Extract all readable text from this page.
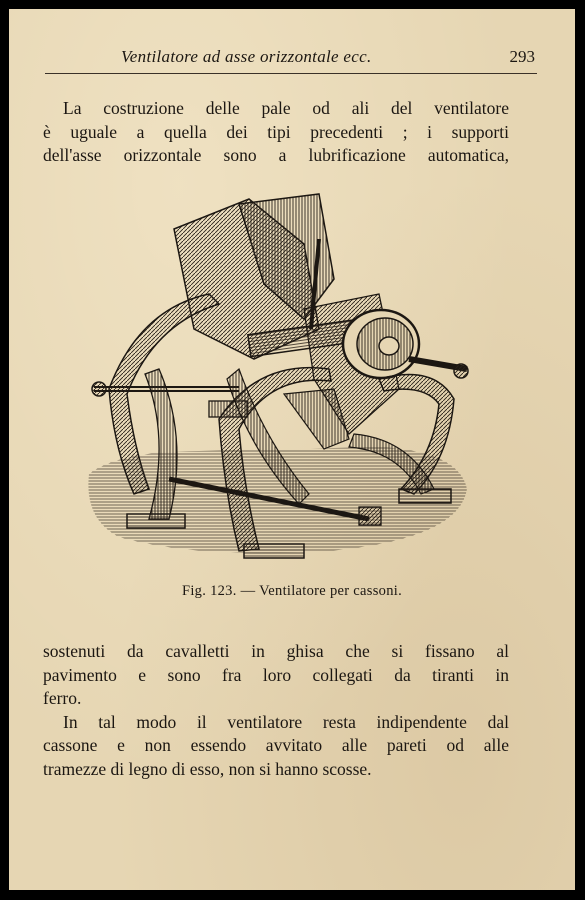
Ventilatore ad asse orizzontale ecc.	293
La costruzione delle pale od ali del ventilatore
è uguale a quella dei tipi precedenti ; i supporti
dell'asse orizzontale sono a lubrificazione automatica,
Fig. 123. — Ventilatore per cassoni.
sostenuti da cavalletti in ghisa che si fissano al
pavimento e sono fra loro collegati da tiranti in
ferro.
In tal modo il ventilatore resta indipendente dal
cassone e non essendo avvitato alle pareti od alle
tramezze di legno di esso, non si hanno scosse.
